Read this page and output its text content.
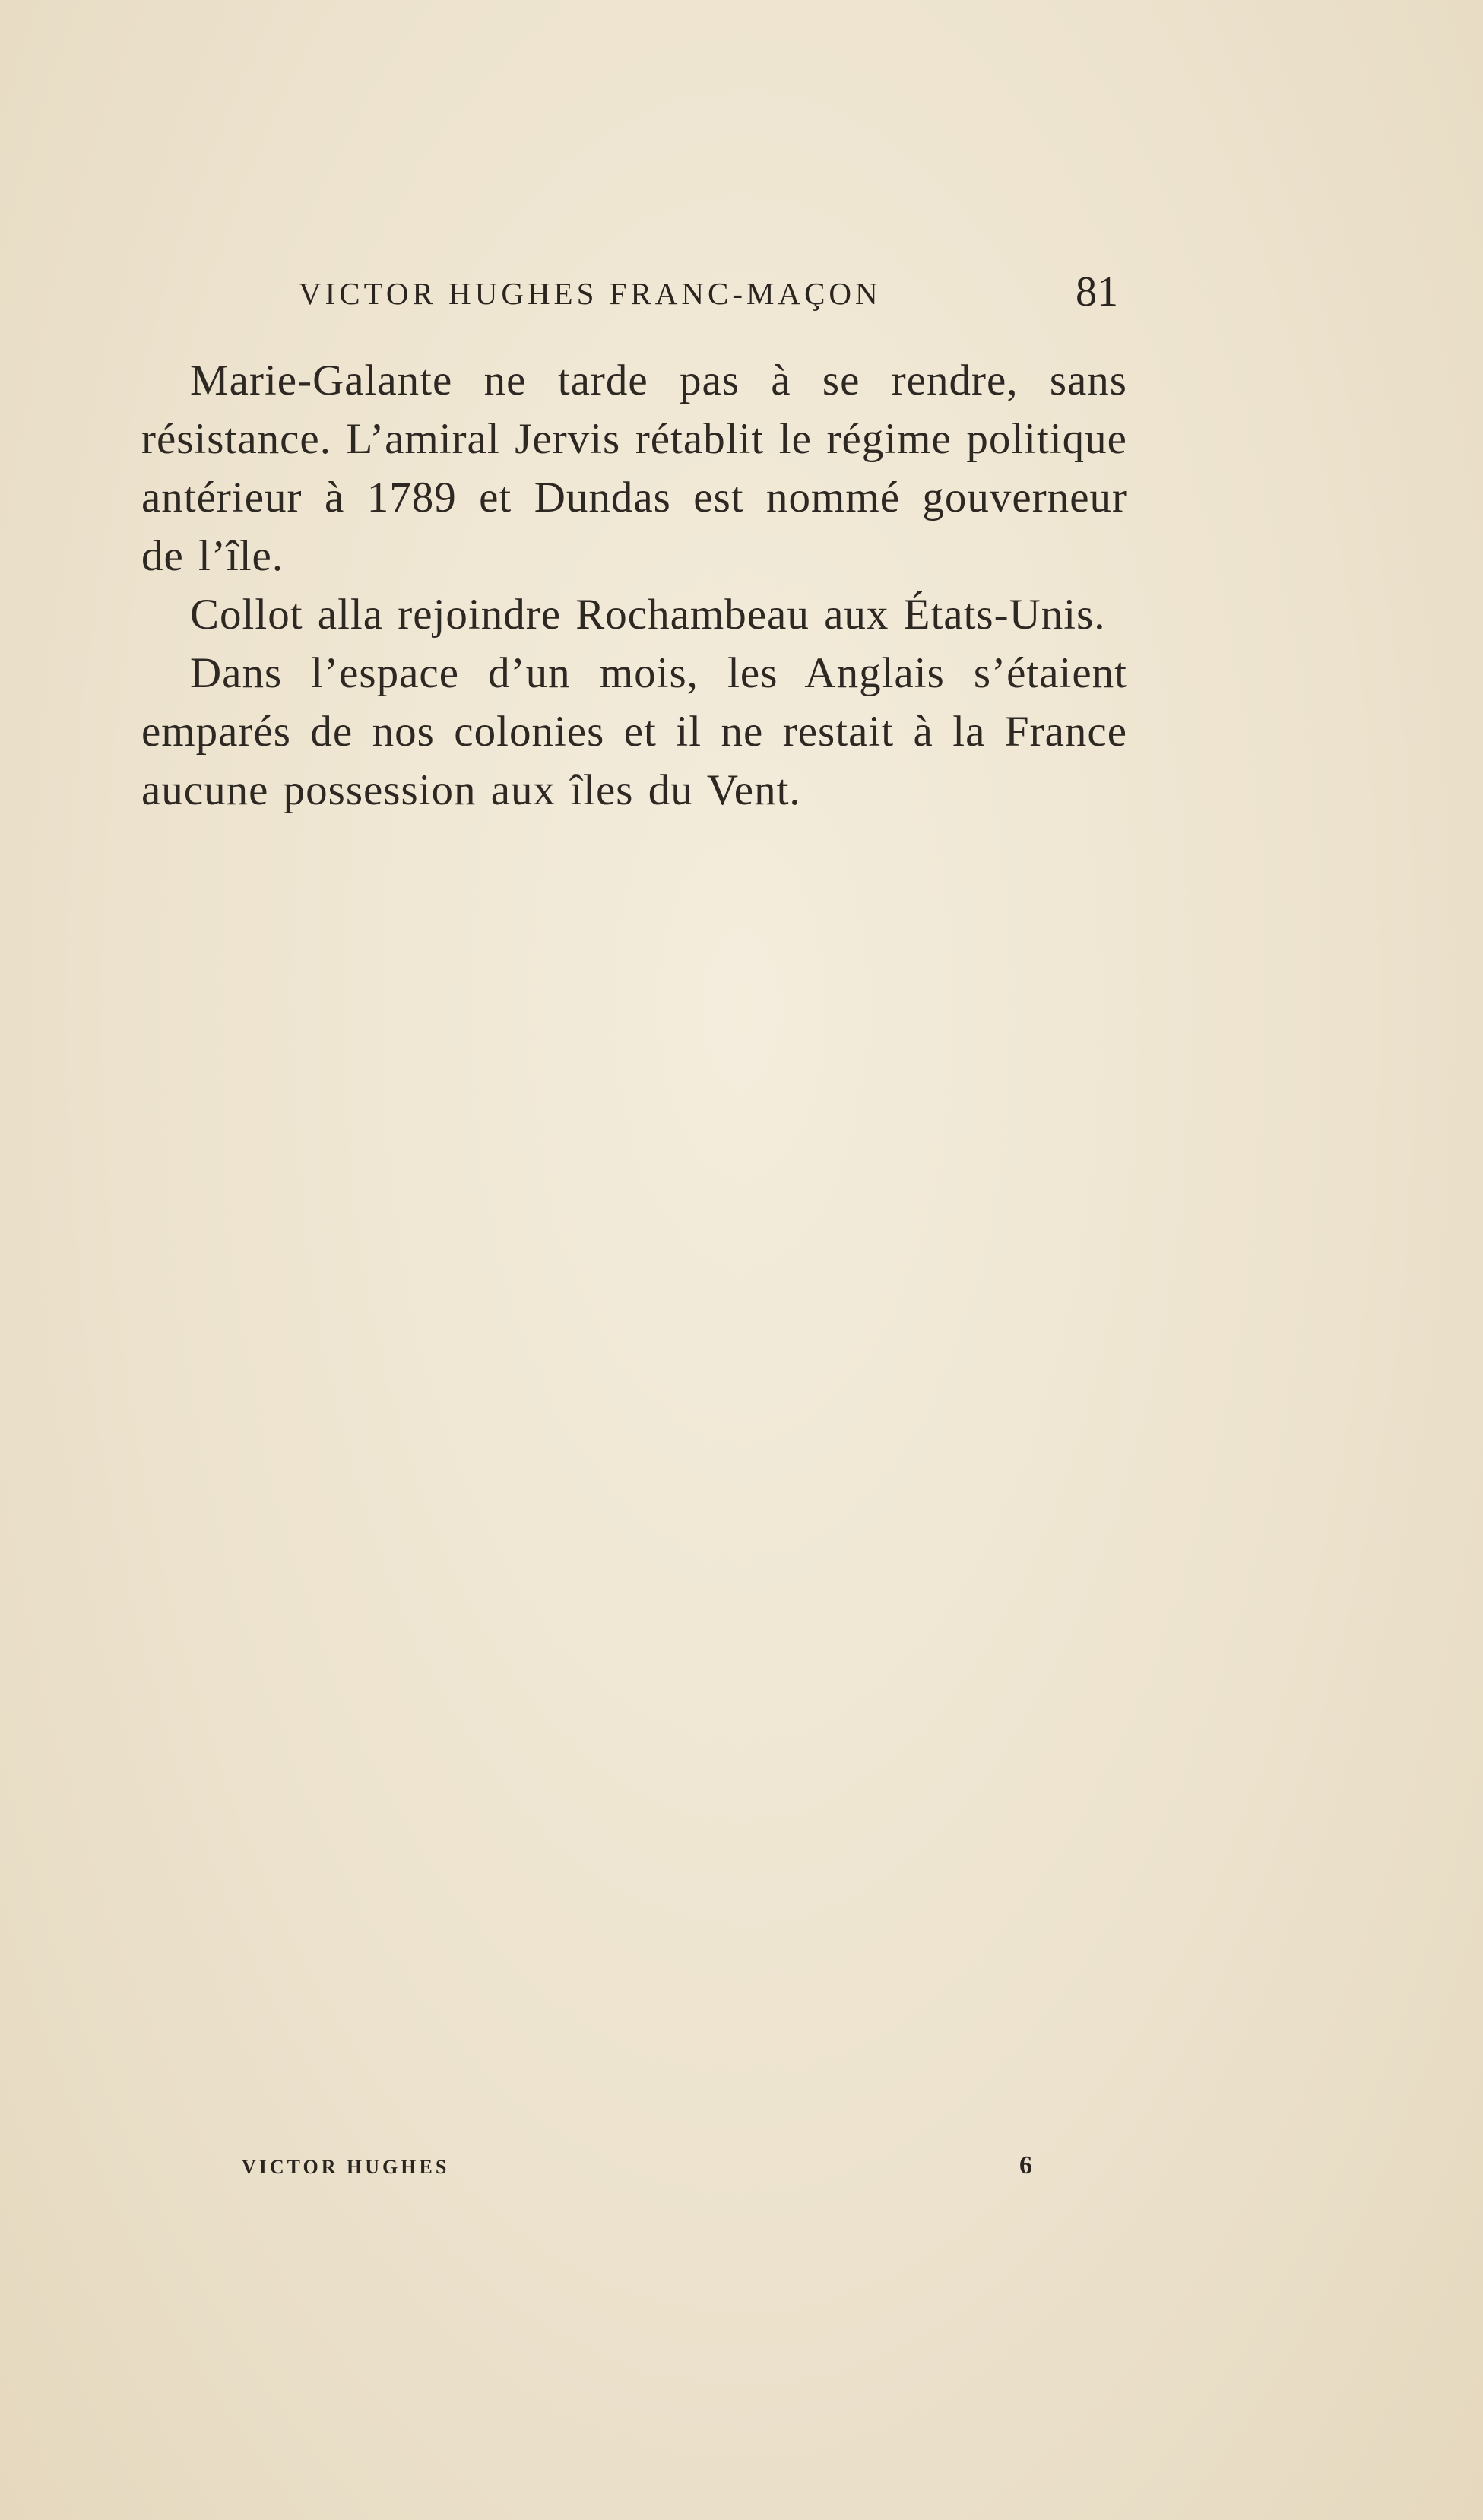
VICTOR HUGHES FRANC-MAÇON	81

Marie-Galante ne tarde pas à se rendre, sans résistance. L’amiral Jervis rétablit le régime politique antérieur à 1789 et Dundas est nommé gouverneur de l’île.

Collot alla rejoindre Rochambeau aux États-Unis.

Dans l’espace d’un mois, les Anglais s’étaient emparés de nos colonies et il ne restait à la France aucune possession aux îles du Vent.

VICTOR HUGHES	6
